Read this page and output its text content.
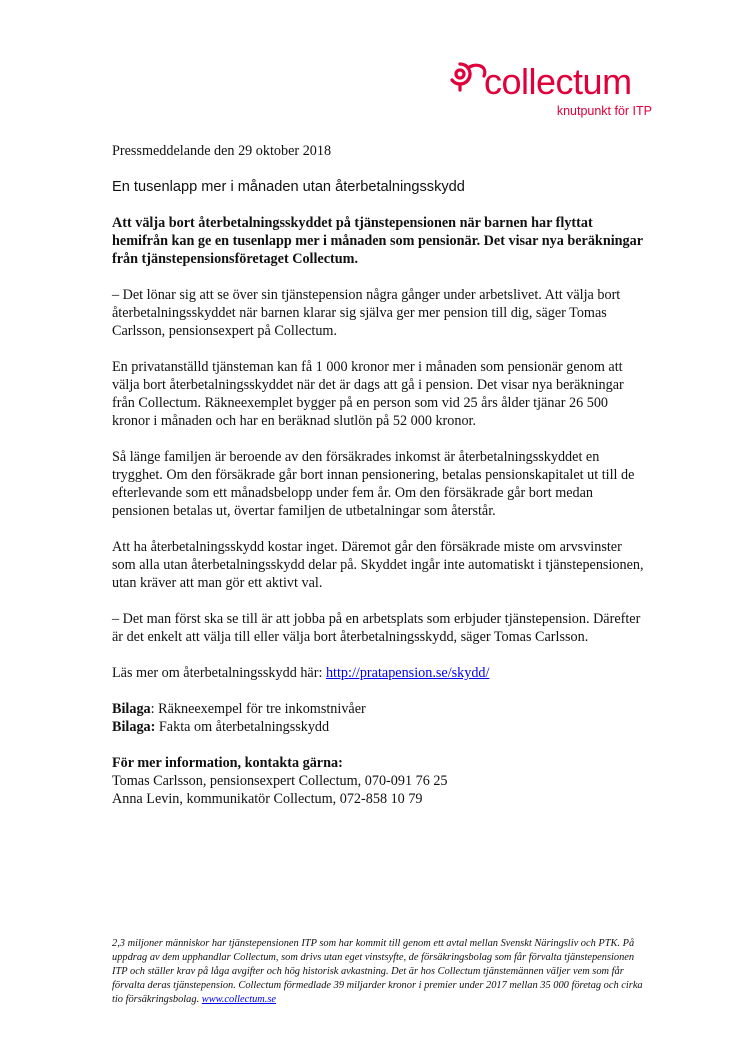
collectum
knutpunkt för ITP
Pressmeddelande den 29 oktober 2018
En tusenlapp mer i månaden utan återbetalningsskydd

Att välja bort återbetalningsskyddet på tjänstepensionen när barnen har flyttat hemifrån kan ge en tusenlapp mer i månaden som pensionär. Det visar nya beräkningar från tjänstepensionsföretaget Collectum.

– Det lönar sig att se över sin tjänstepension några gånger under arbetslivet. Att välja bort återbetalningsskyddet när barnen klarar sig själva ger mer pension till dig, säger Tomas Carlsson, pensionsexpert på Collectum.

En privatanställd tjänsteman kan få 1 000 kronor mer i månaden som pensionär genom att välja bort återbetalningsskyddet när det är dags att gå i pension. Det visar nya beräkningar från Collectum. Räkneexemplet bygger på en person som vid 25 års ålder tjänar 26 500 kronor i månaden och har en beräknad slutlön på 52 000 kronor.

Så länge familjen är beroende av den försäkrades inkomst är återbetalningsskyddet en trygghet. Om den försäkrade går bort innan pensionering, betalas pensionskapitalet ut till de efterlevande som ett månadsbelopp under fem år. Om den försäkrade går bort medan pensionen betalas ut, övertar familjen de utbetalningar som återstår.

Att ha återbetalningsskydd kostar inget. Däremot går den försäkrade miste om arvsvinster som alla utan återbetalningsskydd delar på. Skyddet ingår inte automatiskt i tjänstepensionen, utan kräver att man gör ett aktivt val.

– Det man först ska se till är att jobba på en arbetsplats som erbjuder tjänstepension. Därefter är det enkelt att välja till eller välja bort återbetalningsskydd, säger Tomas Carlsson.

Läs mer om återbetalningsskydd här: http://pratapension.se/skydd/

Bilaga: Räkneexempel för tre inkomstnivåer
Bilaga: Fakta om återbetalningsskydd
För mer information, kontakta gärna:
Tomas Carlsson, pensionsexpert Collectum, 070-091 76 25
Anna Levin, kommunikatör Collectum, 072-858 10 79
2,3 miljoner människor har tjänstepensionen ITP som har kommit till genom ett avtal mellan Svenskt Näringsliv och PTK. På uppdrag av dem upphandlar Collectum, som drivs utan eget vinstsyfte, de försäkringsbolag som får förvalta tjänstepensionen ITP och ställer krav på låga avgifter och hög historisk avkastning. Det är hos Collectum tjänstemännen väljer vem som får förvalta deras tjänstepension. Collectum förmedlade 39 miljarder kronor i premier under 2017 mellan 35 000 företag och cirka tio försäkringsbolag. www.collectum.se
